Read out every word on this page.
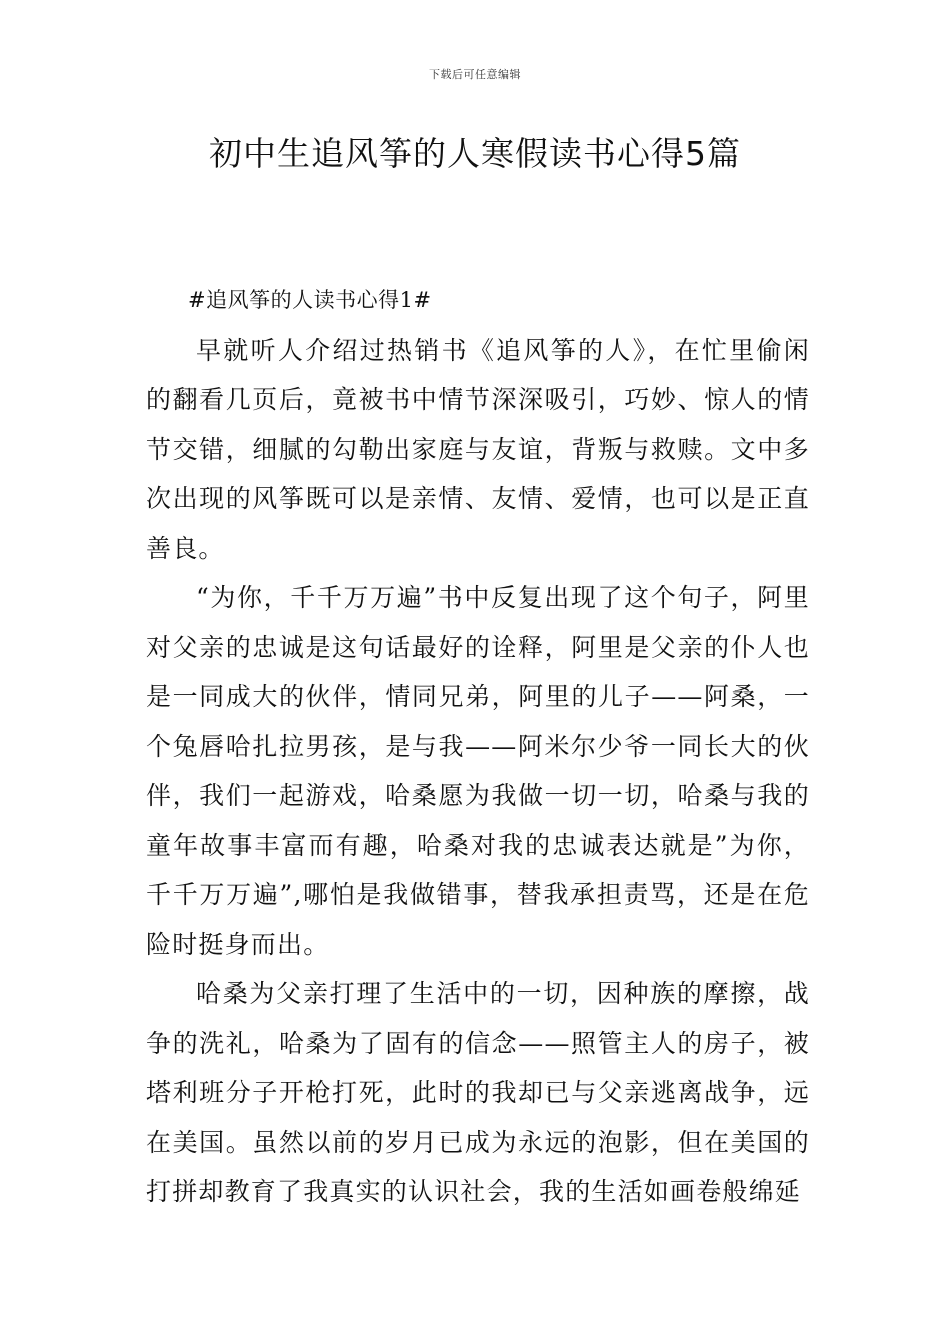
下载后可任意编辑
初中生追风筝的人寒假读书心得5篇

#追风筝的人读书心得1#

早就听人介绍过热销书《追风筝的人》，在忙里偷闲的翻看几页后，竟被书中情节深深吸引，巧妙、惊人的情节交错，细腻的勾勒出家庭与友谊，背叛与救赎。文中多次出现的风筝既可以是亲情、友情、爱情，也可以是正直善良。

“为你，千千万万遍”书中反复出现了这个句子，阿里对父亲的忠诚是这句话最好的诠释，阿里是父亲的仆人也是一同成大的伙伴，情同兄弟，阿里的儿子——阿桑，一个兔唇哈扎拉男孩，是与我——阿米尔少爷一同长大的伙伴，我们一起游戏，哈桑愿为我做一切一切，哈桑与我的童年故事丰富而有趣，哈桑对我的忠诚表达就是”为你，千千万万遍”,哪怕是我做错事，替我承担责骂，还是在危险时挺身而出。

哈桑为父亲打理了生活中的一切，因种族的摩擦，战争的洗礼，哈桑为了固有的信念——照管主人的房子，被塔利班分子开枪打死，此时的我却已与父亲逃离战争，远在美国。虽然以前的岁月已成为永远的泡影，但在美国的打拼却教育了我真实的认识社会，我的生活如画卷般绵延
